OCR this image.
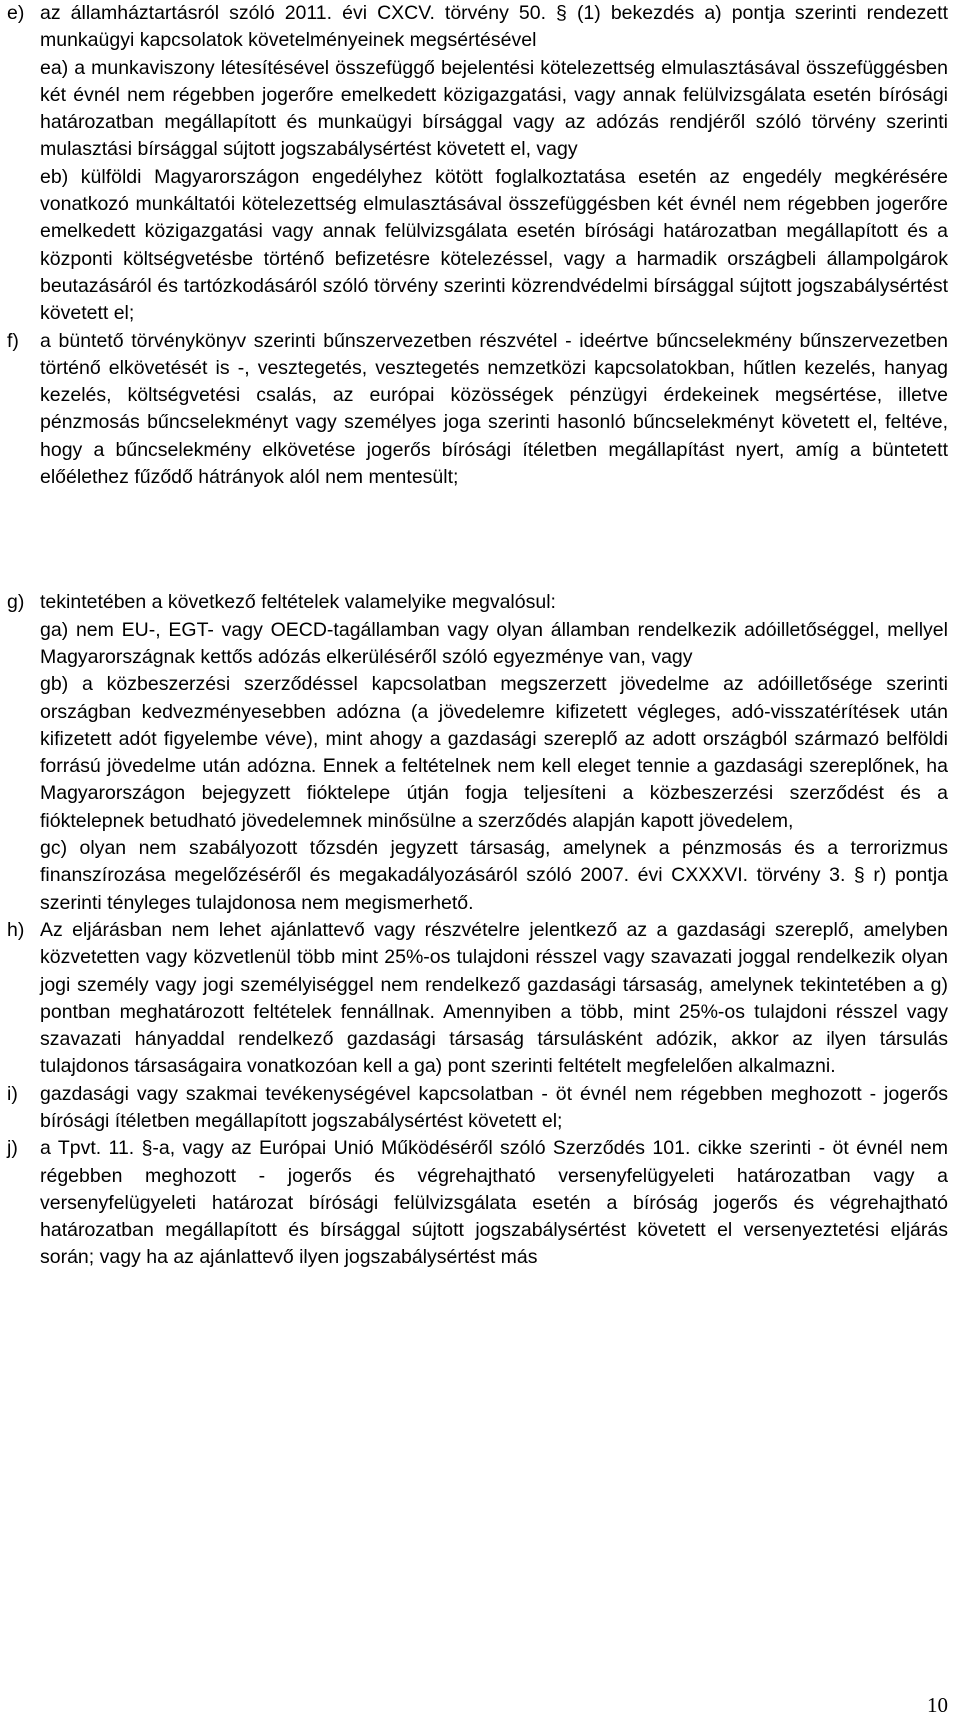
e) az államháztartásról szóló 2011. évi CXCV. törvény 50. § (1) bekezdés a) pontja szerinti rendezett munkaügyi kapcsolatok követelményeinek megsértésével

ea) a munkaviszony létesítésével összefüggő bejelentési kötelezettség elmulasztásával összefüggésben két évnél nem régebben jogerőre emelkedett közigazgatási, vagy annak felülvizsgálata esetén bírósági határozatban megállapított és munkaügyi bírsággal vagy az adózás rendjéről szóló törvény szerinti mulasztási bírsággal sújtott jogszabálysértést követett el, vagy

eb) külföldi Magyarországon engedélyhez kötött foglalkoztatása esetén az engedély megkérésére vonatkozó munkáltatói kötelezettség elmulasztásával összefüggésben két évnél nem régebben jogerőre emelkedett közigazgatási vagy annak felülvizsgálata esetén bírósági határozatban megállapított és a központi költségvetésbe történő befizetésre kötelezéssel, vagy a harmadik országbeli állampolgárok beutazásáról és tartózkodásáról szóló törvény szerinti közrendvédelmi bírsággal sújtott jogszabálysértést követett el;

f)	a büntető törvénykönyv szerinti bűnszervezetben részvétel - ideértve bűncselekmény bűnszervezetben történő elkövetését is -, vesztegetés, vesztegetés nemzetközi kapcsolatokban, hűtlen kezelés, hanyag kezelés, költségvetési csalás, az európai közösségek pénzügyi érdekeinek megsértése, illetve pénzmosás bűncselekményt vagy személyes joga szerinti hasonló bűncselekményt követett el, feltéve, hogy a bűncselekmény elkövetése jogerős bírósági ítéletben megállapítást nyert, amíg a büntetett előélethez fűződő hátrányok alól nem mentesült;

g) tekintetében a következő feltételek valamelyike megvalósul:

ga) nem EU-, EGT- vagy OECD-tagállamban vagy olyan államban rendelkezik adóilletőséggel, mellyel Magyarországnak kettős adózás elkerüléséről szóló egyezménye van, vagy

gb) a közbeszerzési szerződéssel kapcsolatban megszerzett jövedelme az adóilletősége szerinti országban kedvezményesebben adózna (a jövedelemre kifizetett végleges, adó-visszatérítések után kifizetett adót figyelembe véve), mint ahogy a gazdasági szereplő az adott országból származó belföldi forrású jövedelme után adózna. Ennek a feltételnek nem kell eleget tennie a gazdasági szereplőnek, ha Magyarországon bejegyzett fióktelepe útján fogja teljesíteni a közbeszerzési szerződést és a fióktelepnek betudható jövedelemnek minősülne a szerződés alapján kapott jövedelem,

gc) olyan nem szabályozott tőzsdén jegyzett társaság, amelynek a pénzmosás és a terrorizmus finanszírozása megelőzéséről és megakadályozásáról szóló 2007. évi CXXXVI. törvény 3. § r) pontja szerinti tényleges tulajdonosa nem megismerhető.

h) Az eljárásban nem lehet ajánlattevő vagy részvételre jelentkező az a gazdasági szereplő, amelyben közvetetten vagy közvetlenül több mint 25%-os tulajdoni résszel vagy szavazati joggal rendelkezik olyan jogi személy vagy jogi személyiséggel nem rendelkező gazdasági társaság, amelynek tekintetében a g) pontban meghatározott feltételek fennállnak. Amennyiben a több, mint 25%-os tulajdoni résszel vagy szavazati hányaddal rendelkező gazdasági társaság társulásként adózik, akkor az ilyen társulás tulajdonos társaságaira vonatkozóan kell a ga) pont szerinti feltételt megfelelően alkalmazni.

i)	gazdasági vagy szakmai tevékenységével kapcsolatban - öt évnél nem régebben meghozott - jogerős bírósági ítéletben megállapított jogszabálysértést követett el;

j)	a Tpvt. 11. §-a, vagy az Európai Unió Működéséről szóló Szerződés 101. cikke szerinti - öt évnél nem régebben meghozott - jogerős és végrehajtható versenyfelügyeleti határozatban vagy a versenyfelügyeleti határozat bírósági felülvizsgálata esetén a bíróság jogerős és végrehajtható határozatban megállapított és bírsággal sújtott jogszabálysértést követett el versenyeztetési eljárás során; vagy ha az ajánlattevő ilyen jogszabálysértést más

10
